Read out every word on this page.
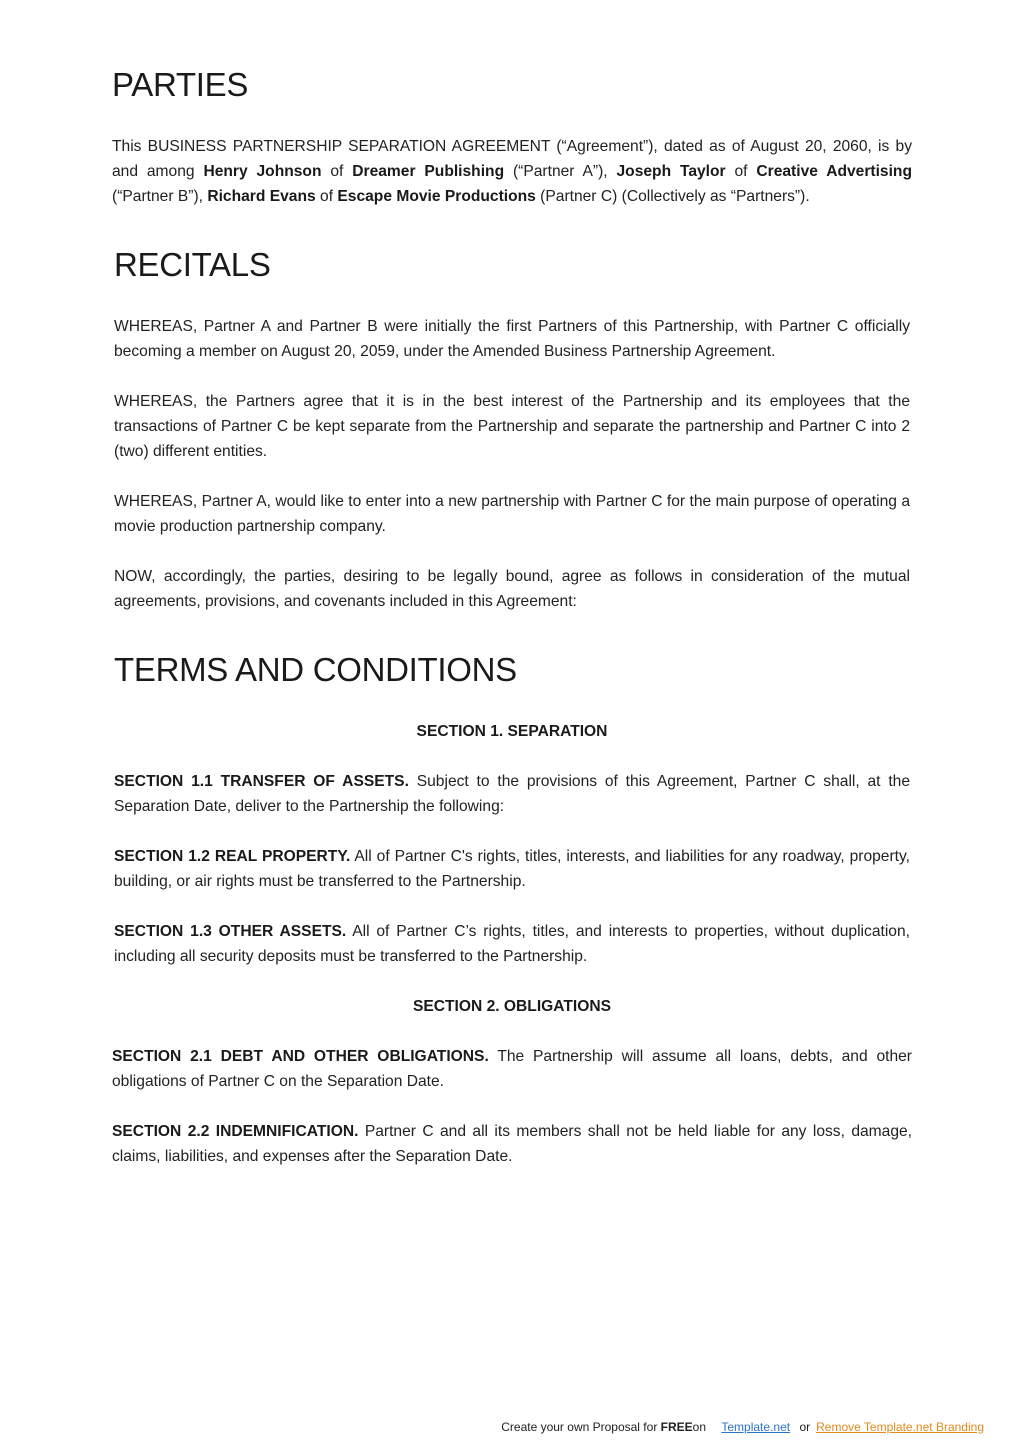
PARTIES

This BUSINESS PARTNERSHIP SEPARATION AGREEMENT (“Agreement”), dated as of August 20, 2060, is by and among Henry Johnson of Dreamer Publishing (“Partner A”), Joseph Taylor of Creative Advertising (“Partner B”), Richard Evans of Escape Movie Productions (Partner C) (Collectively as “Partners”).

RECITALS

WHEREAS, Partner A and Partner B were initially the first Partners of this Partnership, with Partner C officially becoming a member on August 20, 2059, under the Amended Business Partnership Agreement.

WHEREAS, the Partners agree that it is in the best interest of the Partnership and its employees that the transactions of Partner C be kept separate from the Partnership and separate the partnership and Partner C into 2 (two) different entities.

WHEREAS, Partner A, would like to enter into a new partnership with Partner C for the main purpose of operating a movie production partnership company.

NOW, accordingly, the parties, desiring to be legally bound, agree as follows in consideration of the mutual agreements, provisions, and covenants included in this Agreement:

TERMS AND CONDITIONS

SECTION 1. SEPARATION

SECTION 1.1 TRANSFER OF ASSETS. Subject to the provisions of this Agreement, Partner C shall, at the Separation Date, deliver to the Partnership the following:

SECTION 1.2 REAL PROPERTY. All of Partner C's rights, titles, interests, and liabilities for any roadway, property, building, or air rights must be transferred to the Partnership.

SECTION 1.3 OTHER ASSETS. All of Partner C’s rights, titles, and interests to properties, without duplication, including all security deposits must be transferred to the Partnership.

SECTION 2. OBLIGATIONS

SECTION 2.1 DEBT AND OTHER OBLIGATIONS. The Partnership will assume all loans, debts, and other obligations of Partner C on the Separation Date.

SECTION 2.2 INDEMNIFICATION. Partner C and all its members shall not be held liable for any loss, damage, claims, liabilities, and expenses after the Separation Date.

Create your own Proposal for FREEon Template.net or Remove Template.net Branding
